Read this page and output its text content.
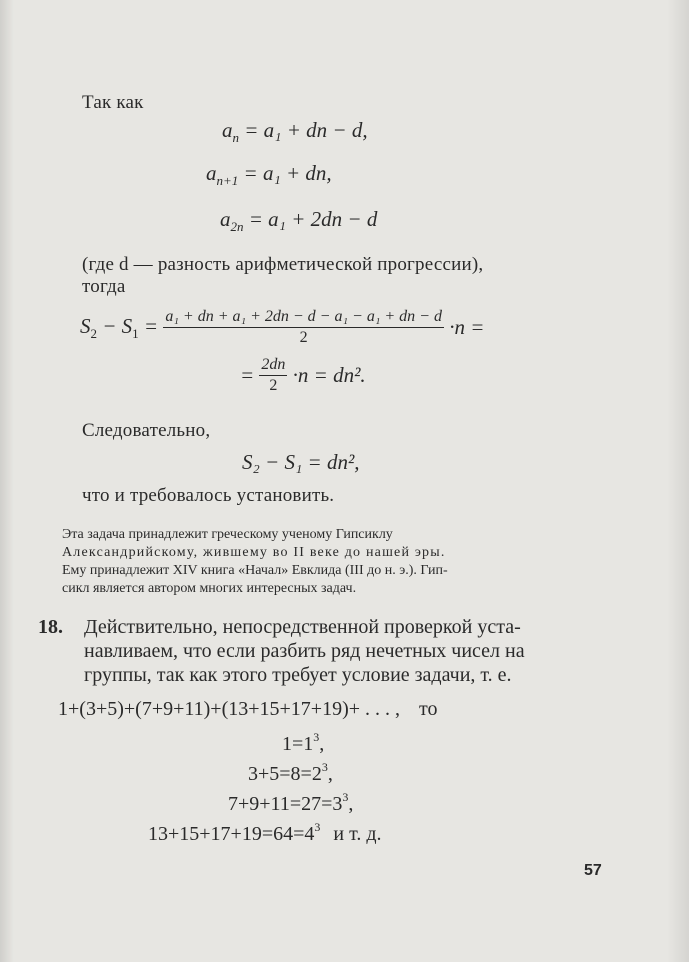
Так как
$a_n = a_1$ + dn − d,
$a_{n+1} = a_1$ + dn,
$a_{2n} = a_1 + 2dn - d$
(где d — разность арифметической прогрессии),
тогда
$S_2 - S_1 = \frac{\text{a₁ + dn + a₁ + 2dn − d − a₁ − a₁ + dn − d}}{2} \cdot n$ =
= $\frac{2dn}{2} \cdot n = dn^2$.
Следовательно,
S₂ − S₁ = dn²,
что и требовалось установить.
Эта задача принадлежит греческому ученому Гипсиклу
Александрийскому, жившему во II веке до нашей эры.
Ему принадлежит XIV книга «Начал» Евклида (III до н. э.). Гип-
сикл является автором многих интересных задач.
18. Действительно, непосредственной проверкой уста-
навливаем, что если разбить ряд нечетных чисел на
группы, так как этого требует условие задачи, т. е.
1+(3+5)+(7+9+11)+(13+15+17+19)+ . . . , то
$1=1^3$,
$3+5=8=2^3$,
$7+9+11=27=3^3$,
$13+15+17+19=64=4^3$ и т. д.
57
